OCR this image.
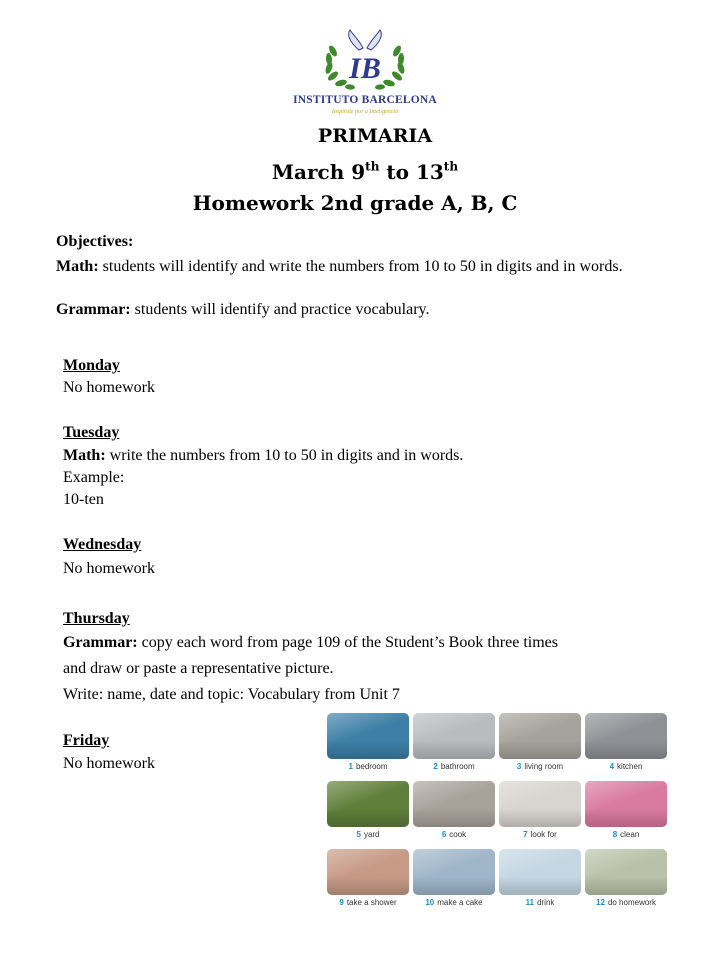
IB
INSTITUTO BARCELONA
Inspirate por a Inteligencia
PRIMARIA
March 9th to 13th
Homework 2nd grade A, B, C
Objectives:
Math: students will identify and write the numbers from 10 to 50 in digits and in words.
Grammar: students will identify and practice vocabulary.
Monday
No homework
Tuesday
Math: write the numbers from 10 to 50 in digits and in words.
Example:
10-ten
Wednesday
No homework
Thursday
Grammar: copy each word from page 109 of the Student’s Book three times
and draw or paste a representative picture.
Write: name, date and topic: Vocabulary from Unit 7
Friday
No homework	1 bedroom	2 bathroom	3 living room	4 kitchen
5 yard	6 cook	7 look for	8 clean
9 take a shower	10 make a cake	11 drink	12 do homework
